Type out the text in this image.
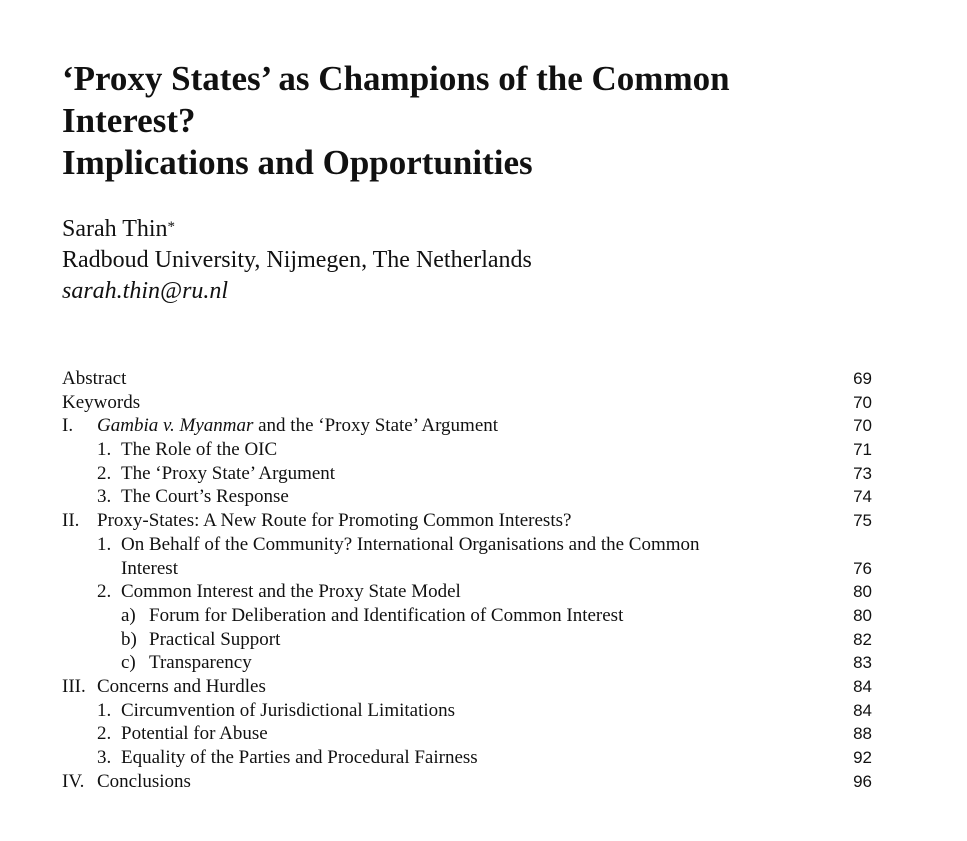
‘Proxy States’ as Champions of the Common
Interest?
Implications and Opportunities
Sarah Thin*
Radboud University, Nijmegen, The Netherlands
sarah.thin@ru.nl
Abstract	69
Keywords	70
I. Gambia v. Myanmar and the ‘Proxy State’ Argument	70
1. The Role of the OIC	71
2. The ‘Proxy State’ Argument	73
3. The Court’s Response	74
II. Proxy-States: A New Route for Promoting Common Interests?	75
1. On Behalf of the Community? International Organisations and the Common
Interest	76
2. Common Interest and the Proxy State Model	80
a) Forum for Deliberation and Identification of Common Interest	80
b) Practical Support	82
c) Transparency	83
III. Concerns and Hurdles	84
1. Circumvention of Jurisdictional Limitations	84
2. Potential for Abuse	88
3. Equality of the Parties and Procedural Fairness	92
IV. Conclusions	96
